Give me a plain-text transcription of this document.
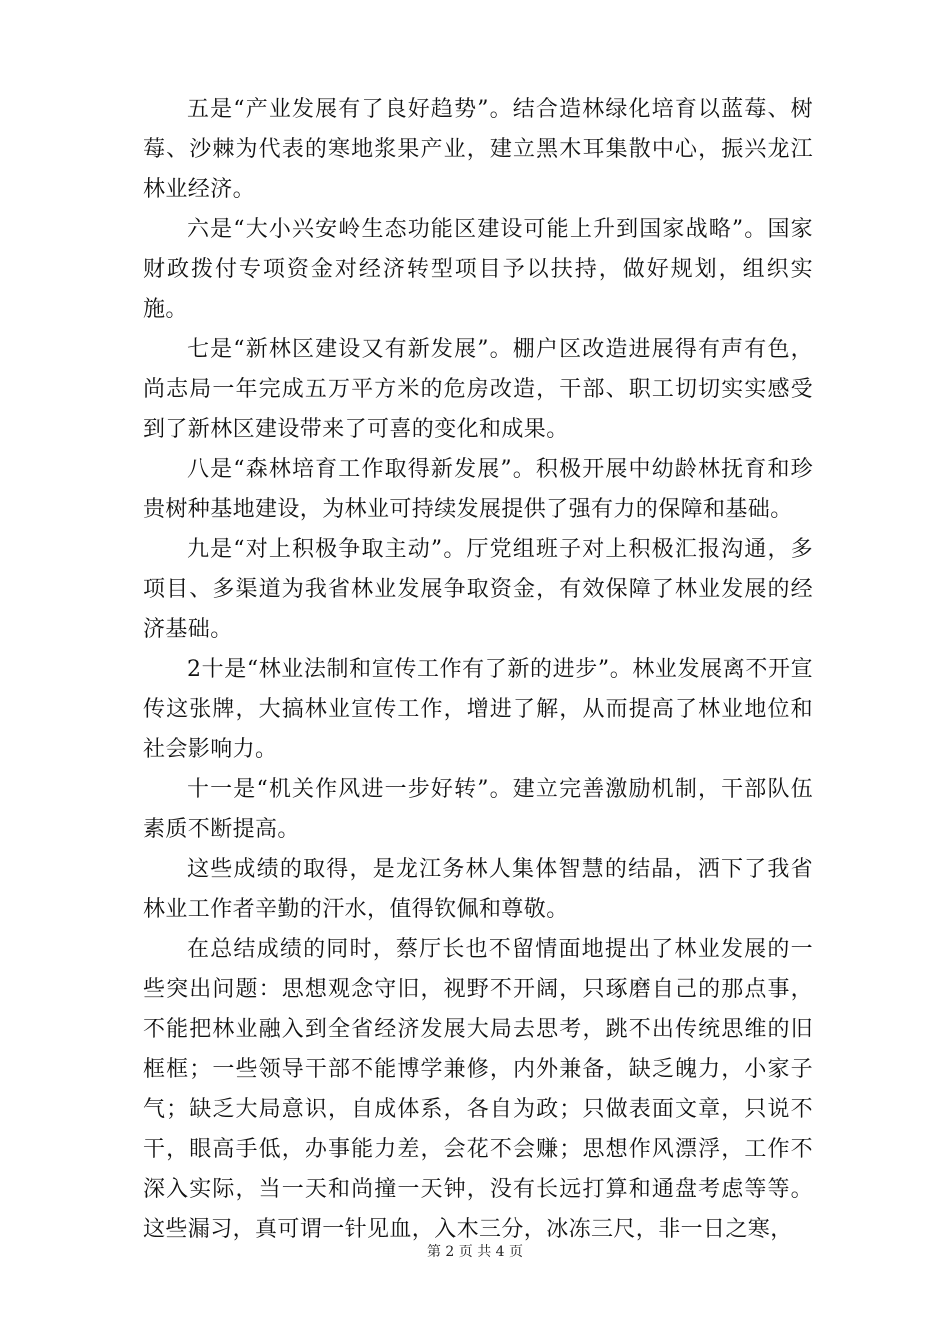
五是“产业发展有了良好趋势”。结合造林绿化培育以蓝莓、树莓、沙棘为代表的寒地浆果产业，建立黑木耳集散中心，振兴龙江林业经济。

六是“大小兴安岭生态功能区建设可能上升到国家战略”。国家财政拨付专项资金对经济转型项目予以扶持，做好规划，组织实施。

七是“新林区建设又有新发展”。棚户区改造进展得有声有色，尚志局一年完成五万平方米的危房改造，干部、职工切切实实感受到了新林区建设带来了可喜的变化和成果。

八是“森林培育工作取得新发展”。积极开展中幼龄林抚育和珍贵树种基地建设，为林业可持续发展提供了强有力的保障和基础。

九是“对上积极争取主动”。厅党组班子对上积极汇报沟通，多项目、多渠道为我省林业发展争取资金，有效保障了林业发展的经济基础。

2十是“林业法制和宣传工作有了新的进步”。林业发展离不开宣传这张牌，大搞林业宣传工作，增进了解，从而提高了林业地位和社会影响力。

十一是“机关作风进一步好转”。建立完善激励机制，干部队伍素质不断提高。

这些成绩的取得，是龙江务林人集体智慧的结晶，洒下了我省林业工作者辛勤的汗水，值得钦佩和尊敬。

在总结成绩的同时，蔡厅长也不留情面地提出了林业发展的一些突出问题：思想观念守旧，视野不开阔，只琢磨自己的那点事，不能把林业融入到全省经济发展大局去思考，跳不出传统思维的旧框框；一些领导干部不能博学兼修，内外兼备，缺乏魄力，小家子气；缺乏大局意识，自成体系，各自为政；只做表面文章，只说不干，眼高手低，办事能力差，会花不会赚；思想作风漂浮，工作不深入实际，当一天和尚撞一天钟，没有长远打算和通盘考虑等等。这些漏习，真可谓一针见血，入木三分，冰冻三尺，非一日之寒，

第 2 页 共 4 页
